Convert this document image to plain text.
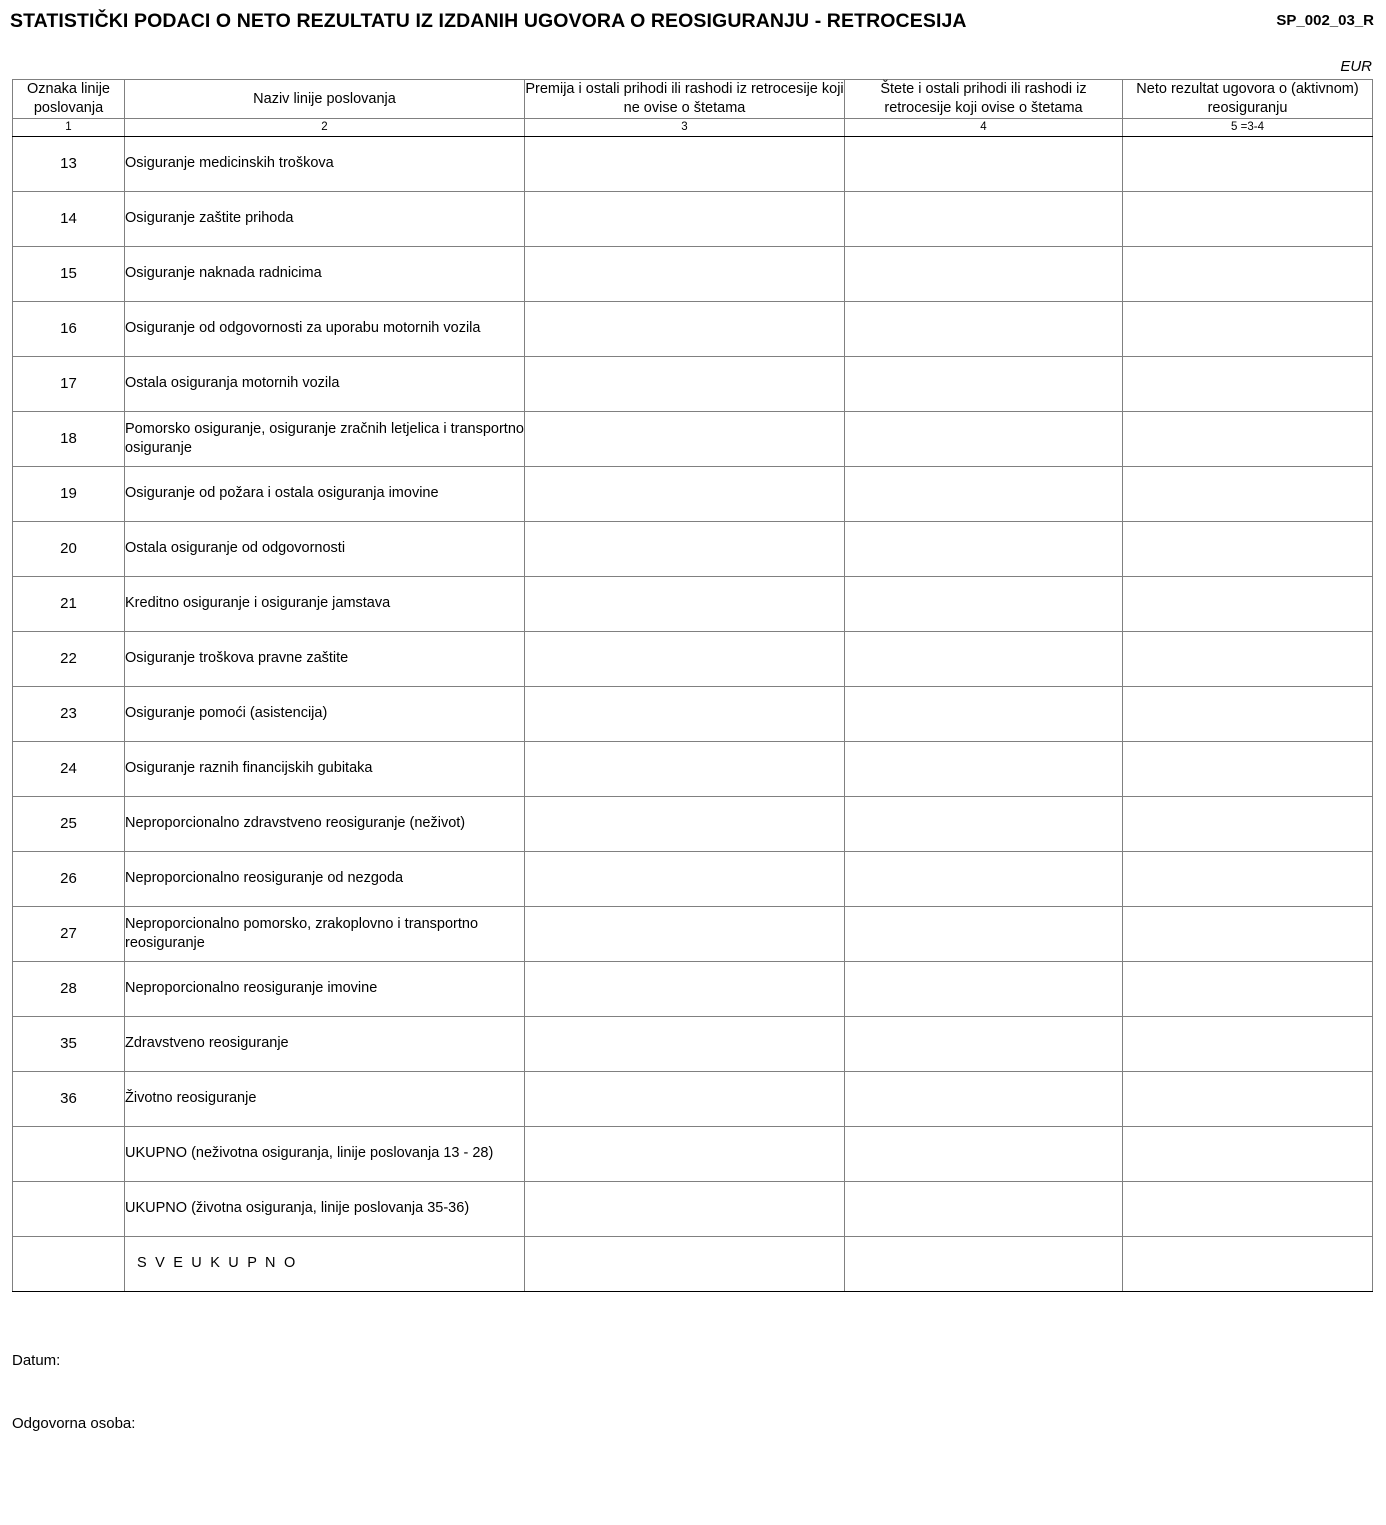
STATISTIČKI PODACI O NETO REZULTATU IZ IZDANIH UGOVORA O REOSIGURANJU - RETROCESIJA	SP_002_03_R
EUR
Oznaka linije poslovanja	Naziv linije poslovanja	Premija i ostali prihodi ili rashodi iz retrocesije koji ne ovise o štetama	Štete i ostali prihodi ili rashodi iz retrocesije koji ovise o štetama	Neto rezultat ugovora o (aktivnom) reosiguranju
1	2	3	4	5 =3-4
13	Osiguranje medicinskih troškova			
14	Osiguranje zaštite prihoda			
15	Osiguranje naknada radnicima			
16	Osiguranje od odgovornosti za uporabu motornih vozila			
17	Ostala osiguranja motornih vozila			
18	Pomorsko osiguranje, osiguranje zračnih letjelica i transportno osiguranje			
19	Osiguranje od požara i ostala osiguranja imovine			
20	Ostala osiguranje od odgovornosti			
21	Kreditno osiguranje i osiguranje jamstava			
22	Osiguranje troškova pravne zaštite			
23	Osiguranje pomoći (asistencija)			
24	Osiguranje raznih financijskih gubitaka			
25	Neproporcionalno zdravstveno reosiguranje (neživot)			
26	Neproporcionalno reosiguranje od nezgoda			
27	Neproporcionalno pomorsko, zrakoplovno i transportno reosiguranje			
28	Neproporcionalno reosiguranje imovine			
35	Zdravstveno reosiguranje			
36	Životno reosiguranje			
	UKUPNO (neživotna osiguranja, linije poslovanja 13 - 28)			
	UKUPNO (životna osiguranja, linije poslovanja 35-36)			
	S V E U K U P N O			
Datum:
Odgovorna osoba:
